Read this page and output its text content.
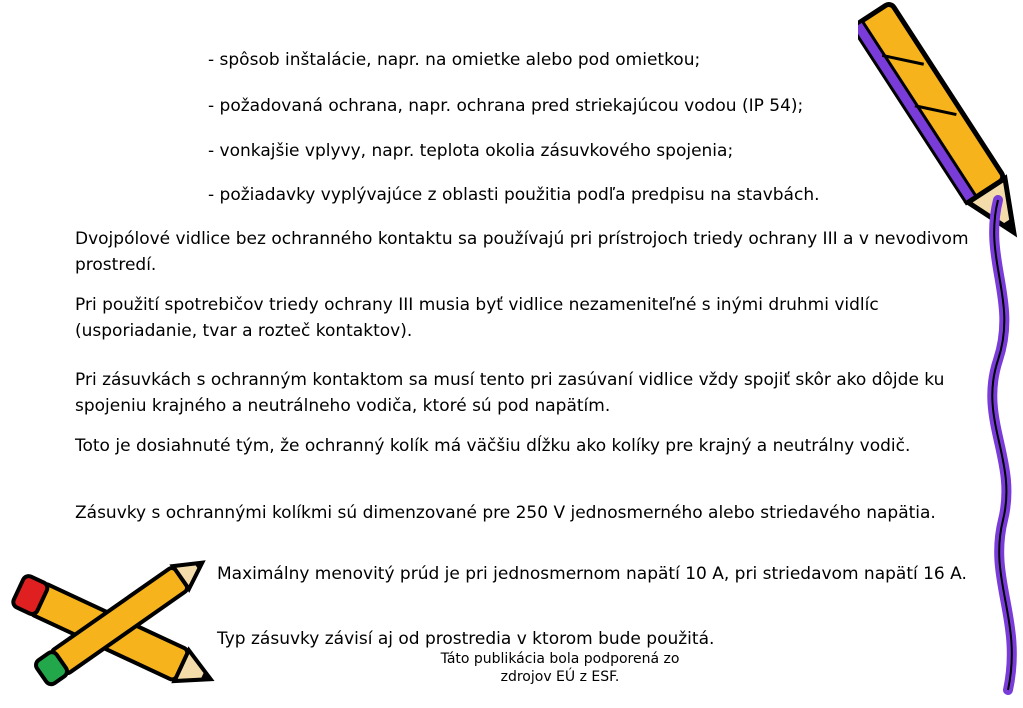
- spôsob inštalácie, napr. na omietke alebo pod omietkou;

- požadovaná ochrana, napr. ochrana pred striekajúcou vodou (IP 54);

- vonkajšie vplyvy, napr. teplota okolia zásuvkového spojenia;

- požiadavky vyplývajúce z oblasti použitia podľa predpisu na stavbách.

Dvojpólové vidlice bez ochranného kontaktu sa používajú pri prístrojoch triedy ochrany III a v nevodivom prostredí.

Pri použití spotrebičov triedy ochrany III musia byť vidlice nezameniteľné s inými druhmi vidlíc (usporiadanie, tvar a rozteč kontaktov).

Pri zásuvkách s ochranným kontaktom sa musí tento pri zasúvaní vidlice vždy spojiť skôr ako dôjde ku spojeniu krajného a neutrálneho vodiča, ktoré sú pod napätím.

Toto je dosiahnuté tým, že ochranný kolík má väčšiu dĺžku ako kolíky pre krajný a neutrálny vodič.

Zásuvky s ochrannými kolíkmi sú dimenzované pre 250 V jednosmerného alebo striedavého napätia.

Maximálny menovitý prúd je pri jednosmernom napätí 10 A, pri striedavom napätí 16 A.

Typ zásuvky závisí aj od prostredia v ktorom bude použitá.

Táto publikácia bola podporená zo
zdrojov EÚ z ESF.
